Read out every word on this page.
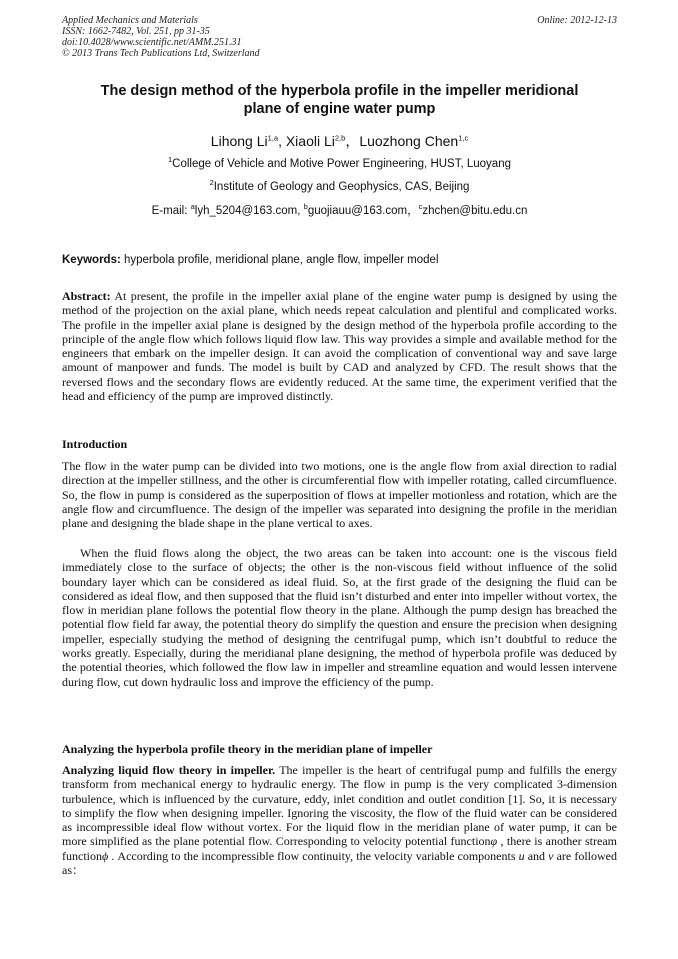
Applied Mechanics and Materials
ISSN: 1662-7482, Vol. 251, pp 31-35
doi:10.4028/www.scientific.net/AMM.251.31
© 2013 Trans Tech Publications Ltd, Switzerland
Online: 2012-12-13
The design method of the hyperbola profile in the impeller meridional
plane of engine water pump
Lihong Li$^{1,a}$, Xiaoli Li$^{2,b}$，Luozhong Chen$^{1,c}$
$^1$College of Vehicle and Motive Power Engineering, HUST, Luoyang
$^2$Institute of Geology and Geophysics, CAS, Beijing
E-mail: $^a$lyh_5204@163.com, $^b$guojiauu@163.com，$^c$zhchen@bitu.edu.cn
Keywords: hyperbola profile, meridional plane, angle flow, impeller model

Abstract: At present, the profile in the impeller axial plane of the engine water pump is designed by using the method of the projection on the axial plane, which needs repeat calculation and plentiful and complicated works. The profile in the impeller axial plane is designed by the design method of the hyperbola profile according to the principle of the angle flow which follows liquid flow law. This way provides a simple and available method for the engineers that embark on the impeller design. It can avoid the complication of conventional way and save large amount of manpower and funds. The model is built by CAD and analyzed by CFD. The result shows that the reversed flows and the secondary flows are evidently reduced. At the same time, the experiment verified that the head and efficiency of the pump are improved distinctly.

Introduction

The flow in the water pump can be divided into two motions, one is the angle flow from axial direction to radial direction at the impeller stillness, and the other is circumferential flow with impeller rotating, called circumfluence. So, the flow in pump is considered as the superposition of flows at impeller motionless and rotation, which are the angle flow and circumfluence. The design of the impeller was separated into designing the profile in the meridian plane and designing the blade shape in the plane vertical to axes.

When the fluid flows along the object, the two areas can be taken into account: one is the viscous field immediately close to the surface of objects; the other is the non-viscous field without influence of the solid boundary layer which can be considered as ideal fluid. So, at the first grade of the designing the fluid can be considered as ideal flow, and then supposed that the fluid isn’t disturbed and enter into impeller without vortex, the flow in meridian plane follows the potential flow theory in the plane. Although the pump design has breached the potential flow field far away, the potential theory do simplify the question and ensure the precision when designing impeller, especially studying the method of designing the centrifugal pump, which isn’t doubtful to reduce the works greatly. Especially, during the meridianal plane designing, the method of hyperbola profile was deduced by the potential theories, which followed the flow law in impeller and streamline equation and would lessen intervene during flow, cut down hydraulic loss and improve the efficiency of the pump.

Analyzing the hyperbola profile theory in the meridian plane of impeller

Analyzing liquid flow theory in impeller. The impeller is the heart of centrifugal pump and fulfills the energy transform from mechanical energy to hydraulic energy. The flow in pump is the very complicated 3-dimension turbulence, which is influenced by the curvature, eddy, inlet condition and outlet condition [1]. So, it is necessary to simplify the flow when designing impeller. Ignoring the viscosity, the flow of the fluid water can be considered as incompressible ideal flow without vortex. For the liquid flow in the meridian plane of water pump, it can be more simplified as the plane potential flow. Corresponding to velocity potential functionφ , there is another stream functionϕ . According to the incompressible flow continuity, the velocity variable components u and v are followed as：
